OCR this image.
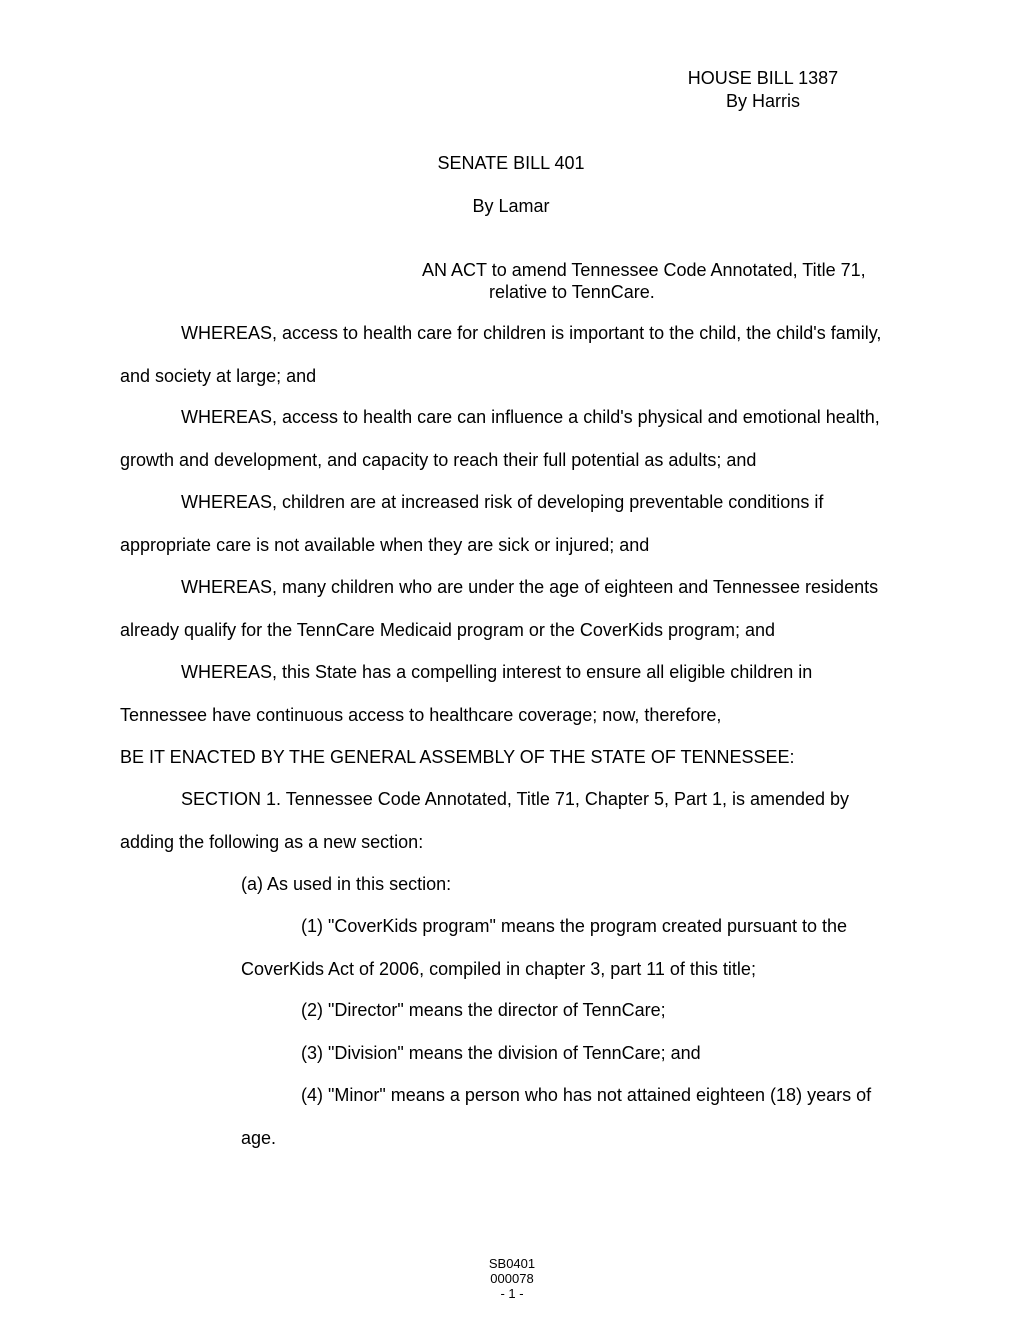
HOUSE BILL 1387
By Harris
SENATE BILL 401
By Lamar
AN ACT to amend Tennessee Code Annotated, Title 71,
relative to TennCare.
WHEREAS, access to health care for children is important to the child, the child's family,
and society at large; and
WHEREAS, access to health care can influence a child's physical and emotional health,
growth and development, and capacity to reach their full potential as adults; and
WHEREAS, children are at increased risk of developing preventable conditions if
appropriate care is not available when they are sick or injured; and
WHEREAS, many children who are under the age of eighteen and Tennessee residents
already qualify for the TennCare Medicaid program or the CoverKids program; and
WHEREAS, this State has a compelling interest to ensure all eligible children in
Tennessee have continuous access to healthcare coverage; now, therefore,
BE IT ENACTED BY THE GENERAL ASSEMBLY OF THE STATE OF TENNESSEE:
SECTION 1. Tennessee Code Annotated, Title 71, Chapter 5, Part 1, is amended by
adding the following as a new section:
(a) As used in this section:
(1) "CoverKids program" means the program created pursuant to the
CoverKids Act of 2006, compiled in chapter 3, part 11 of this title;
(2) "Director" means the director of TennCare;
(3) "Division" means the division of TennCare; and
(4) "Minor" means a person who has not attained eighteen (18) years of
age.
SB0401
000078
- 1 -
